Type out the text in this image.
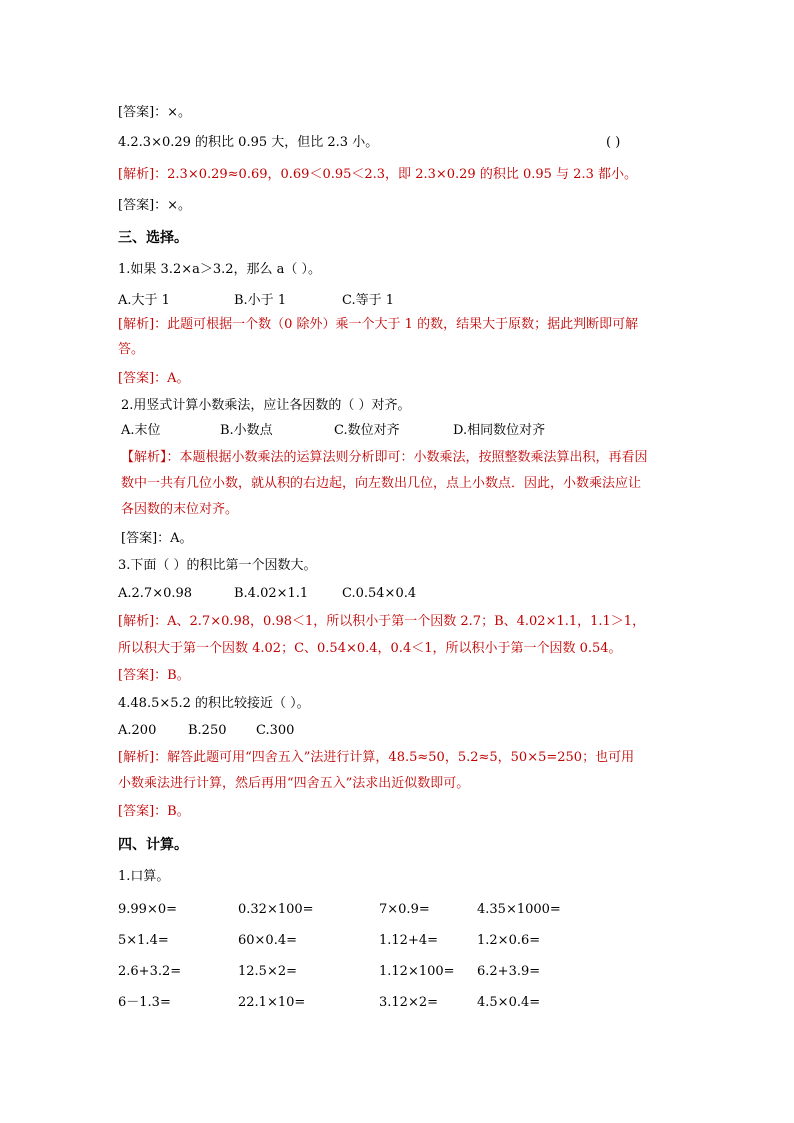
[答案]：×。
4.2.3×0.29 的积比 0.95 大，但比 2.3 小。	( )
[解析]：2.3×0.29≈0.69，0.69＜0.95＜2.3，即 2.3×0.29 的积比 0.95 与 2.3 都小。
[答案]：×。
三、选择。
1.如果 3.2×a＞3.2，那么 a（ ）。
A.大于 1	B.小于 1	C.等于 1
[解析]：此题可根据一个数（0 除外）乘一个大于 1 的数，结果大于原数；据此判断即可解
答。
[答案]：A。
2.用竖式计算小数乘法，应让各因数的（ ）对齐。
A.末位	B.小数点	C.数位对齐	D.相同数位对齐
【解析】：本题根据小数乘法的运算法则分析即可：小数乘法，按照整数乘法算出积，再看因
数中一共有几位小数，就从积的右边起，向左数出几位，点上小数点．因此，小数乘法应让
各因数的末位对齐。
[答案]：A。
3.下面（ ）的积比第一个因数大。
A.2.7×0.98	B.4.02×1.1	C.0.54×0.4
[解析]：A、2.7×0.98，0.98＜1，所以积小于第一个因数 2.7；B、4.02×1.1，1.1＞1，
所以积大于第一个因数 4.02；C、0.54×0.4，0.4＜1，所以积小于第一个因数 0.54。
[答案]：B。
4.48.5×5.2 的积比较接近（ ）。
A.200 B.250 C.300
[解析]：解答此题可用“四舍五入”法进行计算，48.5≈50，5.2≈5，50×5=250；也可用
小数乘法进行计算，然后再用“四舍五入”法求出近似数即可。
[答案]：B。
四、计算。
1.口算。
9.99×0=	0.32×100=	7×0.9=	4.35×1000=
5×1.4=	60×0.4=	1.12+4=	1.2×0.6=
2.6+3.2=	12.5×2=	1.12×100= 6.2+3.9=
6－1.3=	22.1×10=	3.12×2=	4.5×0.4=
